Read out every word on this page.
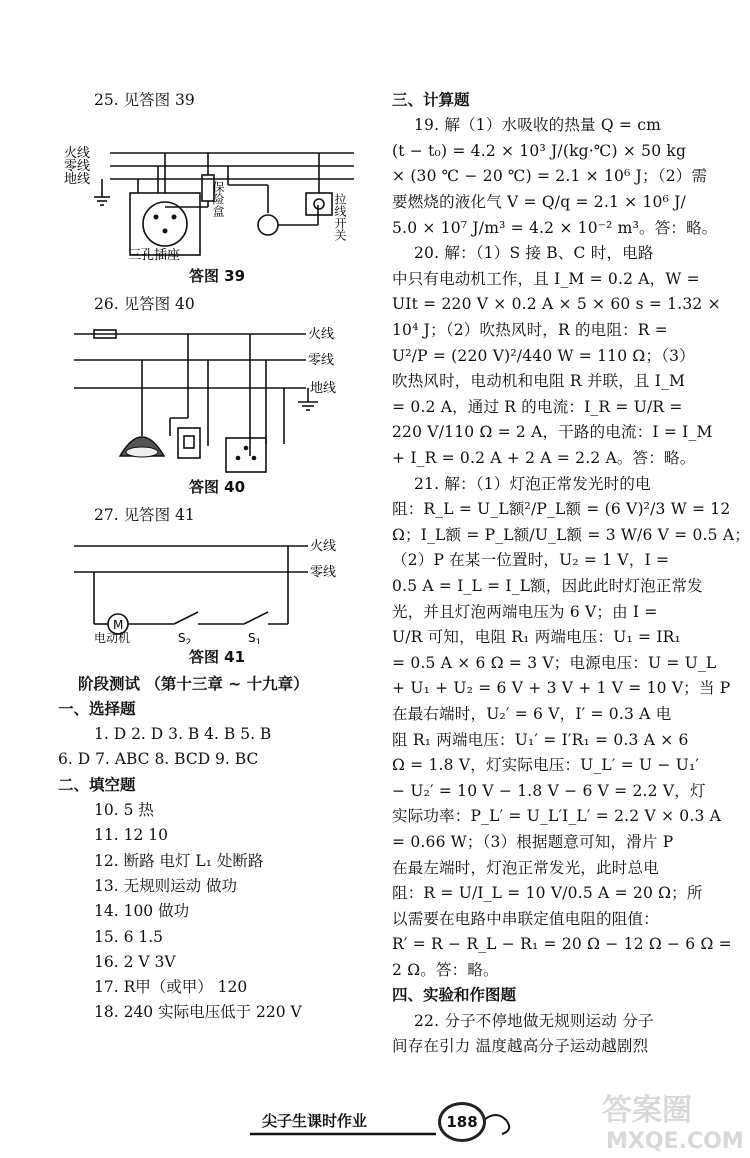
25. 见答图 39
火线
零线
地线
保险盒	拉线开关
三孔插座
答图 39
26. 见答图 40
火线
零线
地线
答图 40
27. 见答图 41
M
火线
零线
电动机	$S_2$	$S_1$
答图 41
阶段测试 （第十三章 ~ 十九章）
一、选择题
1. D 2. D 3. B 4. B 5. B
6. D 7. ABC 8. BCD 9. BC
二、填空题
10. 5 热
11. 12 10
12. 断路 电灯 L₁ 处断路
13. 无规则运动 做功
14. 100 做功
15. 6 1.5
16. 2 V 3V
17. R甲（或甲） 120
18. 240 实际电压低于 220 V
三、计算题
19. 解（1）水吸收的热量 Q = cm
(t − t₀) = 4.2 × 10³ J/(kg·℃) × 50 kg
× (30 ℃ − 20 ℃) = 2.1 × 10⁶ J；（2）需
要燃烧的液化气 V = Q/q = 2.1 × 10⁶ J/
5.0 × 10⁷ J/m³ = 4.2 × 10⁻² m³。答：略。
20. 解：（1）S 接 B、C 时，电路
中只有电动机工作，且 I_M = 0.2 A，W =
UIt = 220 V × 0.2 A × 5 × 60 s = 1.32 ×
10⁴ J；（2）吹热风时，R 的电阻：R =
U²/P = (220 V)²/440 W = 110 Ω；（3）
吹热风时，电动机和电阻 R 并联，且 I_M
= 0.2 A，通过 R 的电流：I_R = U/R =
220 V/110 Ω = 2 A，干路的电流：I = I_M
+ I_R = 0.2 A + 2 A = 2.2 A。答：略。
21. 解：（1）灯泡正常发光时的电
阻：R_L = U_L额²/P_L额 = (6 V)²/3 W = 12
Ω；I_L额 = P_L额/U_L额 = 3 W/6 V = 0.5 A；
（2）P 在某一位置时，U₂ = 1 V，I =
0.5 A = I_L = I_L额，因此此时灯泡正常发
光，并且灯泡两端电压为 6 V；由 I =
U/R 可知，电阻 R₁ 两端电压：U₁ = IR₁
= 0.5 A × 6 Ω = 3 V；电源电压：U = U_L
+ U₁ + U₂ = 6 V + 3 V + 1 V = 10 V；当 P
在最右端时，U₂′ = 6 V，I′ = 0.3 A 电
阻 R₁ 两端电压：U₁′ = I′R₁ = 0.3 A × 6
Ω = 1.8 V，灯实际电压：U_L′ = U − U₁′
− U₂′ = 10 V − 1.8 V − 6 V = 2.2 V，灯
实际功率：P_L′ = U_L′I_L′ = 2.2 V × 0.3 A
= 0.66 W；（3）根据题意可知，滑片 P
在最左端时，灯泡正常发光，此时总电
阻：R = U/I_L = 10 V/0.5 A = 20 Ω；所
以需要在电路中串联定值电阻的阻值：
R′ = R − R_L − R₁ = 20 Ω − 12 Ω − 6 Ω =
2 Ω。答：略。
四、实验和作图题
22. 分子不停地做无规则运动 分子
间存在引力 温度越高分子运动越剧烈
尖子生课时作业	188	答案圈
MXQE.COM
